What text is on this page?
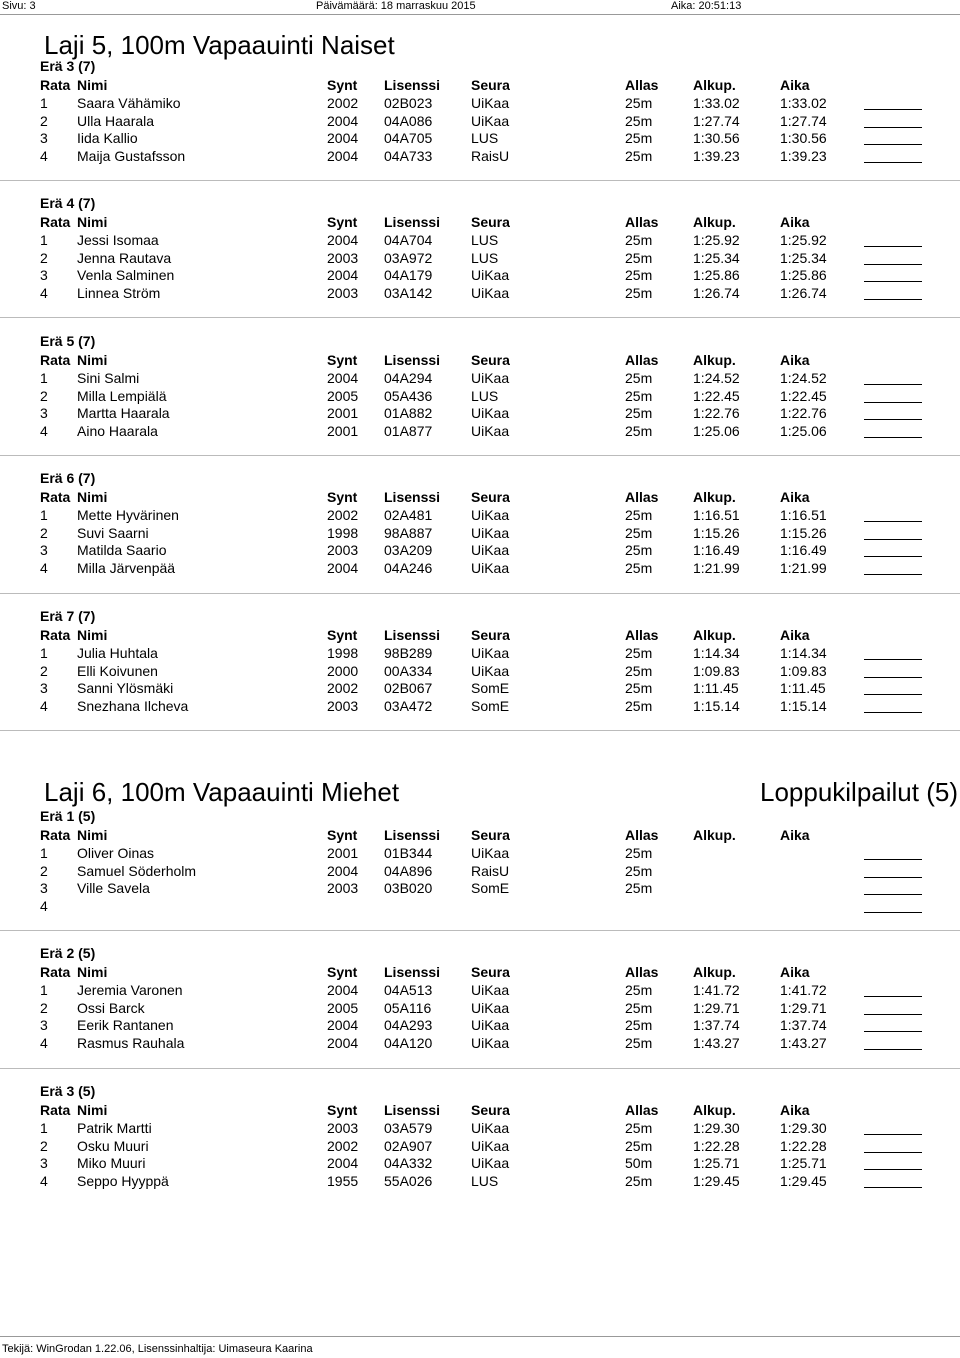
Sivu: 3	Päivämäärä: 18 marraskuu 2015	Aika: 20:51:13
Laji 5, 100m Vapaauinti Naiset
Erä 3 (7)
Rata Nimi	Synt Lisenssi Seura	Allas Alkup.	Aika
1 Saara Vähämiko	2002 02B023	UiKaa	25m	1:33.02	1:33.02
2 Ulla Haarala	2004 04A086	UiKaa	25m	1:27.74	1:27.74
3 Iida Kallio	2004 04A705	LUS	25m	1:30.56	1:30.56
4 Maija Gustafsson	2004 04A733	RaisU	25m	1:39.23	1:39.23
Erä 4 (7)
Rata Nimi	Synt Lisenssi Seura	Allas Alkup.	Aika
1 Jessi Isomaa	2004 04A704	LUS	25m	1:25.92	1:25.92
2 Jenna Rautava	2003 03A972	LUS	25m	1:25.34	1:25.34
3 Venla Salminen	2004 04A179	UiKaa	25m	1:25.86	1:25.86
4 Linnea Ström	2003 03A142	UiKaa	25m	1:26.74	1:26.74
Erä 5 (7)
Rata Nimi	Synt Lisenssi Seura	Allas Alkup.	Aika
1 Sini Salmi	2004 04A294	UiKaa	25m	1:24.52	1:24.52
2 Milla Lempiälä	2005 05A436	LUS	25m	1:22.45	1:22.45
3 Martta Haarala	2001 01A882	UiKaa	25m	1:22.76	1:22.76
4 Aino Haarala	2001 01A877	UiKaa	25m	1:25.06	1:25.06
Erä 6 (7)
Rata Nimi	Synt Lisenssi Seura	Allas Alkup.	Aika
1 Mette Hyvärinen	2002 02A481	UiKaa	25m	1:16.51	1:16.51
2 Suvi Saarni	1998 98A887	UiKaa	25m	1:15.26	1:15.26
3 Matilda Saario	2003 03A209	UiKaa	25m	1:16.49	1:16.49
4 Milla Järvenpää	2004 04A246	UiKaa	25m	1:21.99	1:21.99
Erä 7 (7)
Rata Nimi	Synt Lisenssi Seura	Allas Alkup.	Aika
1 Julia Huhtala	1998 98B289	UiKaa	25m	1:14.34	1:14.34
2 Elli Koivunen	2000 00A334	UiKaa	25m	1:09.83	1:09.83
3 Sanni Ylösmäki	2002 02B067	SomE	25m	1:11.45	1:11.45
4 Snezhana Ilcheva	2003 03A472	SomE	25m	1:15.14	1:15.14
Laji 6, 100m Vapaauinti Miehet	Loppukilpailut (5)
Erä 1 (5)
Rata Nimi	Synt Lisenssi Seura	Allas Alkup.	Aika
1 Oliver Oinas	2001 01B344	UiKaa	25m
2 Samuel Söderholm	2004 04A896	RaisU	25m
3 Ville Savela	2003 03B020	SomE	25m
4
Erä 2 (5)
Rata Nimi	Synt Lisenssi Seura	Allas Alkup.	Aika
1 Jeremia Varonen	2004 04A513	UiKaa	25m	1:41.72	1:41.72
2 Ossi Barck	2005 05A116	UiKaa	25m	1:29.71	1:29.71
3 Eerik Rantanen	2004 04A293	UiKaa	25m	1:37.74	1:37.74
4 Rasmus Rauhala	2004 04A120	UiKaa	25m	1:43.27	1:43.27
Erä 3 (5)
Rata Nimi	Synt Lisenssi Seura	Allas Alkup.	Aika
1 Patrik Martti	2003 03A579	UiKaa	25m	1:29.30	1:29.30
2 Osku Muuri	2002 02A907	UiKaa	25m	1:22.28	1:22.28
3 Miko Muuri	2004 04A332	UiKaa	50m	1:25.71	1:25.71
4 Seppo Hyyppä	1955 55A026	LUS	25m	1:29.45	1:29.45
Tekijä: WinGrodan 1.22.06, Lisenssinhaltija: Uimaseura Kaarina
